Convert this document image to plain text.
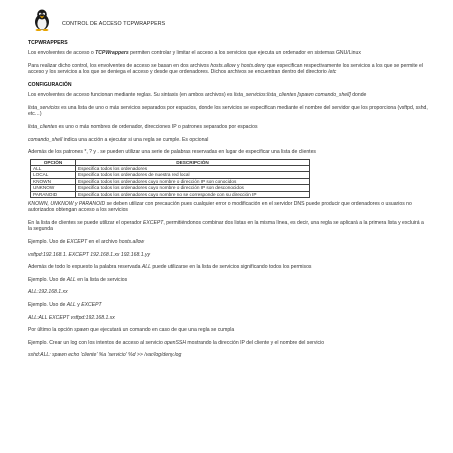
CONTROL DE ACCESO TCPWRAPPERS

TCPWRAPPERS

Los envolventes de acceso o TCPWrappers permiten controlar y limitar el acceso a los servicios que ejecuta un ordenador en sistemas GNU/Linux

Para realizar dicho control, los envolventes de acceso se basan en dos archivos hosts.allow y hosts.deny que especifican respectivamente los servicios a los que se permite el acceso y los servicios a los que se deniega el acceso y desde que ordenadores. Dichos archivos se encuentran dentro del directorio /etc

CONFIGURACIÓN

Los envolventes de acceso funcionan mediante reglas. Su sintaxis (en ambos archivos) es lista_servicios:lista_clientes [spawn comando_shell] donde

lista_servicios es una lista de uno o más servicios separados por espacios, donde los servicios se especifican mediante el nombre del servidor que los proporciona (vsftpd, sshd, etc…)

lista_clientes es uno o más nombres de ordenador, direcciones IP o patrones separados por espacios

comando_shell indica una acción a ejecutar si una regla se cumple. Es opcional

Además de los patrones *, ? y . se pueden utilizar una serie de palabras reservadas en lugar de especificar una lista de clientes

OPCIÓN	DESCRIPCIÓN
ALL	Especifica todos los ordenadores
LOCAL	Especifica todos los ordenadores de nuestra red local
KNOWN	Especifica todos los ordenadores cuyo nombre o dirección IP son conocidos
UNKNOW	Especifica todos los ordenadores cuyo nombre o dirección IP son desconocidos
PARANOID	Especifica todos los ordenadores cuyo nombre no se corresponde con su dirección IP

KNOWN, UNKNOW y PARANOID se deben utilizar con precaución pues cualquier error o modificación en el servidor DNS puede producir que ordenadores o usuarios no autorizados obtengan acceso a los servicios

En la lista de clientes se puede utilizar el operador EXCEPT, permitiéndonos combinar dos listas en la misma línea, es decir, una regla se aplicará a la primera lista y excluirá a la segunda

Ejemplo. Uso de EXCEPT en el archivo hosts.allow

vsftpd:192.168.1. EXCEPT 192.168.1.xx 192.168.1.yy

Además de todo lo expuesto la palabra reservada ALL puede utilizarse en la lista de servicios significando todos los permisos

Ejemplo. Uso de ALL en la lista de servicios

ALL:192.168.1.xx

Ejemplo. Uso de ALL y EXCEPT

ALL:ALL EXCEPT vsftpd:192.168.1.xx

Por último la opción spawn que ejecutará un comando en caso de que una regla se cumpla

Ejemplo. Crear un log con los intentos de acceso al servicio openSSH mostrando la dirección IP del cliente y el nombre del servicio

sshd:ALL: spawn echo 'cliente' %a 'servicio' %d >> /var/log/deny.log
